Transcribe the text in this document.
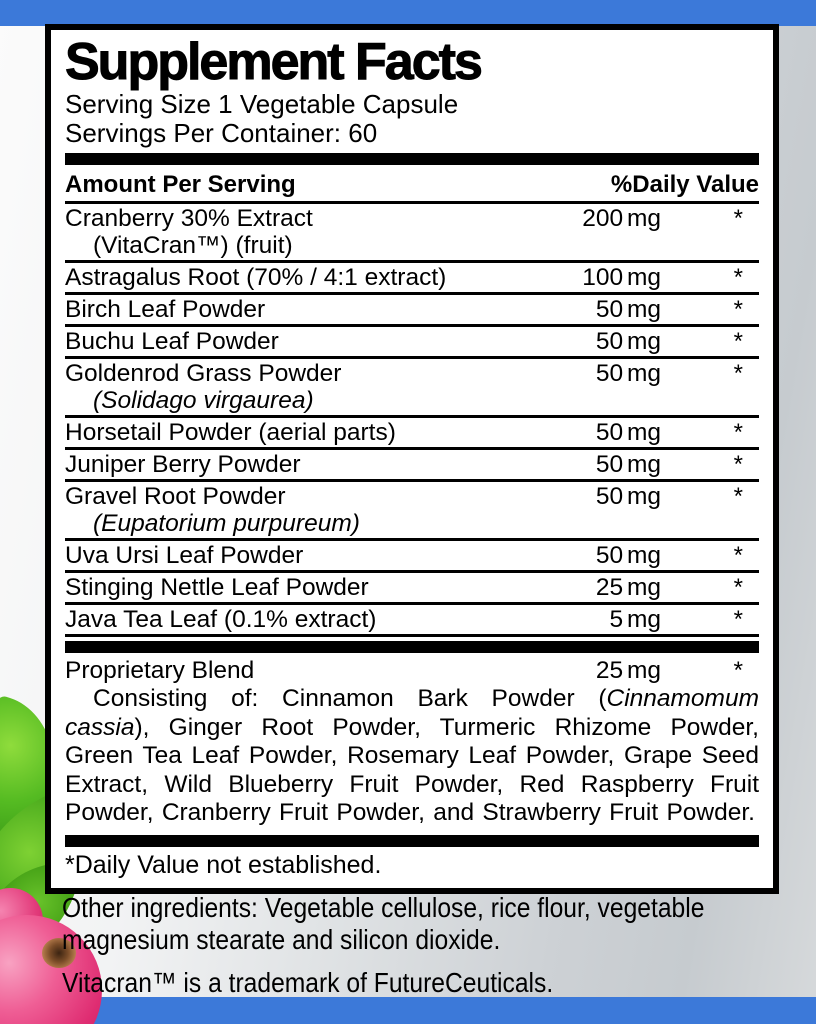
Supplement Facts
Serving Size 1 Vegetable Capsule
Servings Per Container: 60
Amount Per Serving	%Daily Value
Cranberry 30% Extract	200 mg	*
(VitaCran™) (fruit)
Astragalus Root (70% / 4:1 extract)	100 mg	*
Birch Leaf Powder	50 mg	*
Buchu Leaf Powder	50 mg	*
Goldenrod Grass Powder	50 mg	*
(Solidago virgaurea)
Horsetail Powder (aerial parts)	50 mg	*
Juniper Berry Powder	50 mg	*
Gravel Root Powder	50 mg	*
(Eupatorium purpureum)
Uva Ursi Leaf Powder	50 mg	*
Stinging Nettle Leaf Powder	25 mg	*
Java Tea Leaf (0.1% extract)	5 mg	*
Proprietary Blend	25 mg	*
Consisting of: Cinnamon Bark Powder (Cinnamomum cassia), Ginger Root Powder, Turmeric Rhizome Powder, Green Tea Leaf Powder, Rosemary Leaf Powder, Grape Seed Extract, Wild Blueberry Fruit Powder, Red Raspberry Fruit Powder, Cranberry Fruit Powder, and Strawberry Fruit Powder.
*Daily Value not established.
Other ingredients: Vegetable cellulose, rice flour, vegetable
magnesium stearate and silicon dioxide.
Vitacran™ is a trademark of FutureCeuticals.
